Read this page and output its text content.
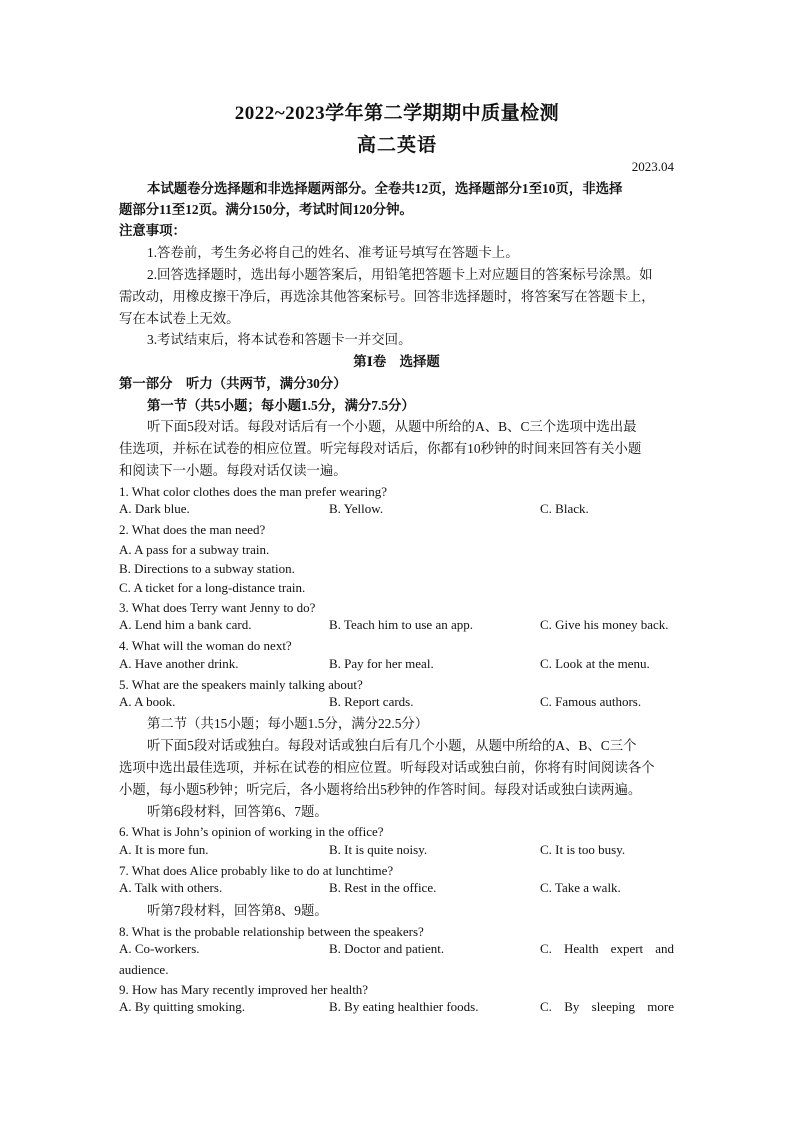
2022~2023学年第二学期期中质量检测
高二英语
2023.04
本试题卷分选择题和非选择题两部分。全卷共12页，选择题部分1至10页，非选择
题部分11至12页。满分150分，考试时间120分钟。
注意事项：
1.答卷前，考生务必将自己的姓名、准考证号填写在答题卡上。
2.回答选择题时，选出每小题答案后，用铅笔把答题卡上对应题目的答案标号涂黑。如
需改动，用橡皮擦干净后，再选涂其他答案标号。回答非选择题时，将答案写在答题卡上，
写在本试卷上无效。
3.考试结束后，将本试卷和答题卡一并交回。
第Ⅰ卷　选择题
第一部分　听力（共两节，满分30分）
第一节（共5小题；每小题1.5分，满分7.5分）
听下面5段对话。每段对话后有一个小题，从题中所给的A、B、C三个选项中选出最
佳选项，并标在试卷的相应位置。听完每段对话后，你都有10秒钟的时间来回答有关小题
和阅读下一小题。每段对话仅读一遍。
1. What color clothes does the man prefer wearing?
A. Dark blue.	B. Yellow.	C. Black.
2. What does the man need?
A. A pass for a subway train.
B. Directions to a subway station.
C. A ticket for a long-distance train.
3. What does Terry want Jenny to do?
A. Lend him a bank card.	B. Teach him to use an app.	C. Give his money back.
4. What will the woman do next?
A. Have another drink.	B. Pay for her meal.	C. Look at the menu.
5. What are the speakers mainly talking about?
A. A book.	B. Report cards.	C. Famous authors.
第二节（共15小题；每小题1.5分，满分22.5分）
听下面5段对话或独白。每段对话或独白后有几个小题，从题中所给的A、B、C三个
选项中选出最佳选项，并标在试卷的相应位置。听每段对话或独白前，你将有时间阅读各个
小题，每小题5秒钟；听完后，各小题将给出5秒钟的作答时间。每段对话或独白读两遍。
听第6段材料，回答第6、7题。
6. What is John’s opinion of working in the office?
A. It is more fun.	B. It is quite noisy.	C. It is too busy.
7. What does Alice probably like to do at lunchtime?
A. Talk with others.	B. Rest in the office.	C. Take a walk.
听第7段材料，回答第8、9题。
8. What is the probable relationship between the speakers?
A. Co-workers.	B. Doctor and patient.	C. Health expert and
audience.
9. How has Mary recently improved her health?
A. By quitting smoking.	B. By eating healthier foods.	C. By sleeping more
